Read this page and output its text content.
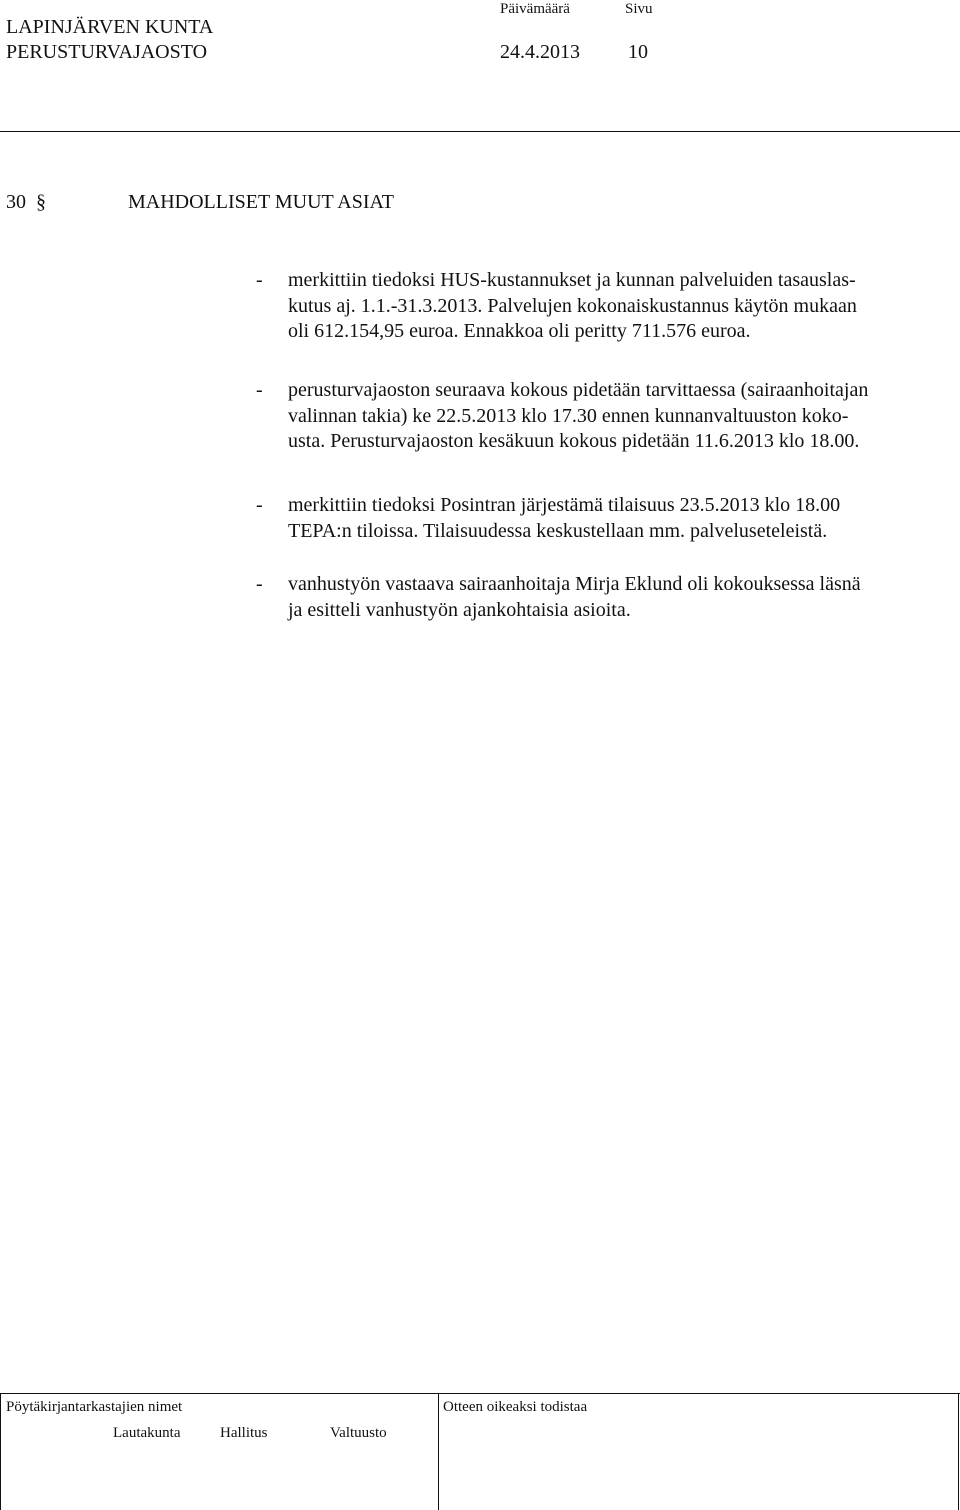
LAPINJÄRVEN KUNTA
PERUSTURVAJAOSTO
Päivämäärä	Sivu
24.4.2013 10
30 §	MAHDOLLISET MUUT ASIAT
- merkittiin tiedoksi HUS-kustannukset ja kunnan palveluiden tasauslas-
kutus aj. 1.1.-31.3.2013. Palvelujen kokonaiskustannus käytön mukaan
oli 612.154,95 euroa. Ennakkoa oli peritty 711.576 euroa.
- perusturvajaoston seuraava kokous pidetään tarvittaessa (sairaanhoitajan
valinnan takia) ke 22.5.2013 klo 17.30 ennen kunnanvaltuuston koko-
usta. Perusturvajaoston kesäkuun kokous pidetään 11.6.2013 klo 18.00.
- merkittiin tiedoksi Posintran järjestämä tilaisuus 23.5.2013 klo 18.00
TEPA:n tiloissa. Tilaisuudessa keskustellaan mm. palveluseteleistä.
- vanhustyön vastaava sairaanhoitaja Mirja Eklund oli kokouksessa läsnä
ja esitteli vanhustyön ajankohtaisia asioita.
Pöytäkirjantarkastajien nimet	Otteen oikeaksi todistaa
Lautakunta	Hallitus	Valtuusto
